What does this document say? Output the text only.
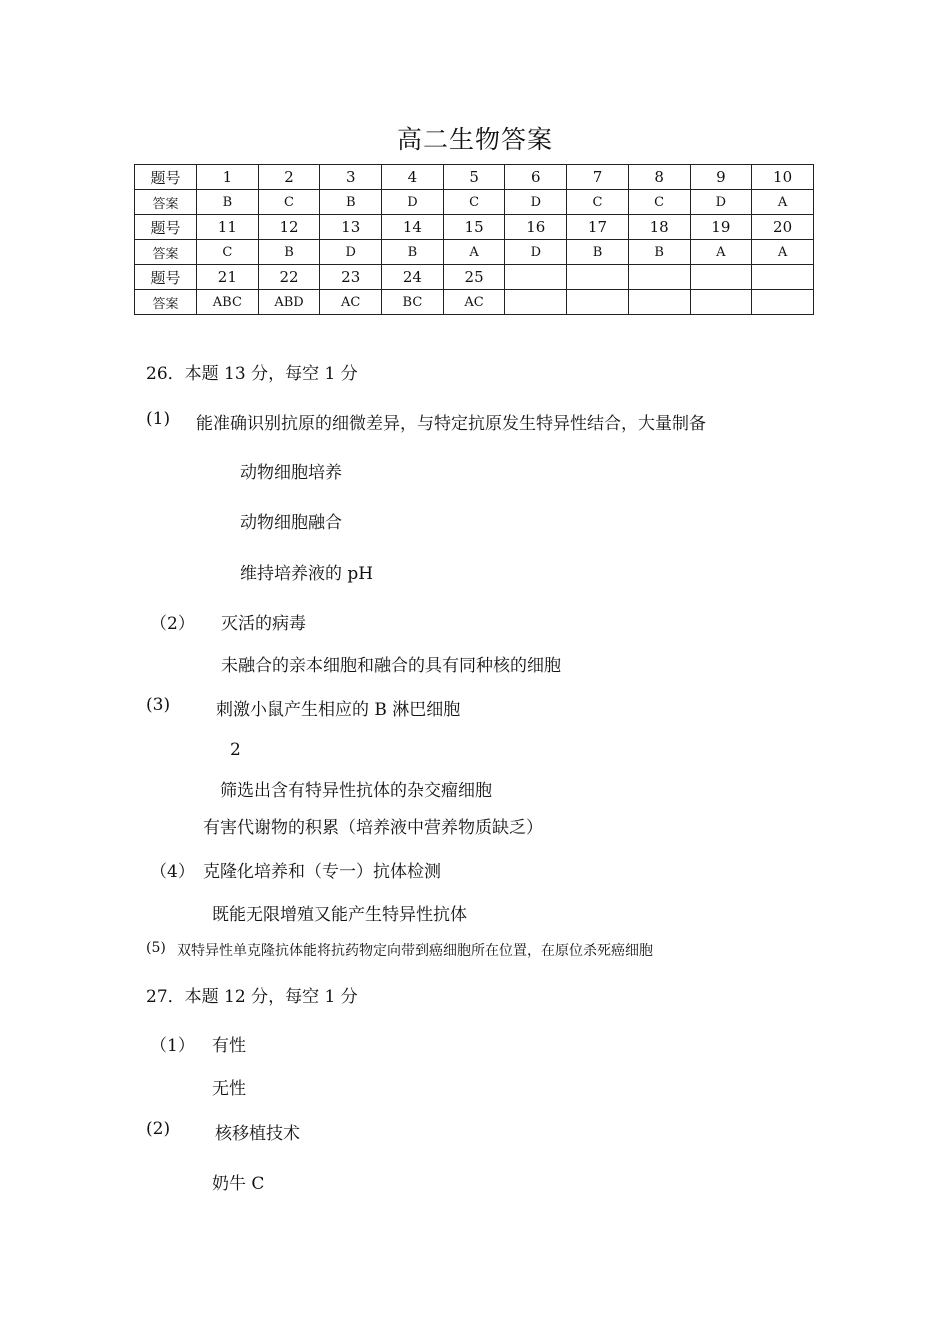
高二生物答案
题号	1	2	3	4	5	6	7	8	9	10
答案	B	C	B	D	C	D	C	C	D	A
题号	11	12	13	14	15	16	17	18	19	20
答案	C	B	D	B	A	D	B	B	A	A
题号	21	22	23	24	25					
答案	ABC	ABD	AC	BC	AC					
26．本题 13 分，每空 1 分
(1) 能准确识别抗原的细微差异，与特定抗原发生特异性结合，大量制备
动物细胞培养
动物细胞融合
维持培养液的 pH
（2） 灭活的病毒
未融合的亲本细胞和融合的具有同种核的细胞
(3)	刺激小鼠产生相应的 B 淋巴细胞
2
筛选出含有特异性抗体的杂交瘤细胞
有害代谢物的积累（培养液中营养物质缺乏）
（4） 克隆化培养和（专一）抗体检测
既能无限增殖又能产生特异性抗体
(5) 双特异性单克隆抗体能将抗药物定向带到癌细胞所在位置，在原位杀死癌细胞
27．本题 12 分，每空 1 分
（1） 有性
无性
(2)	核移植技术
奶牛 C
